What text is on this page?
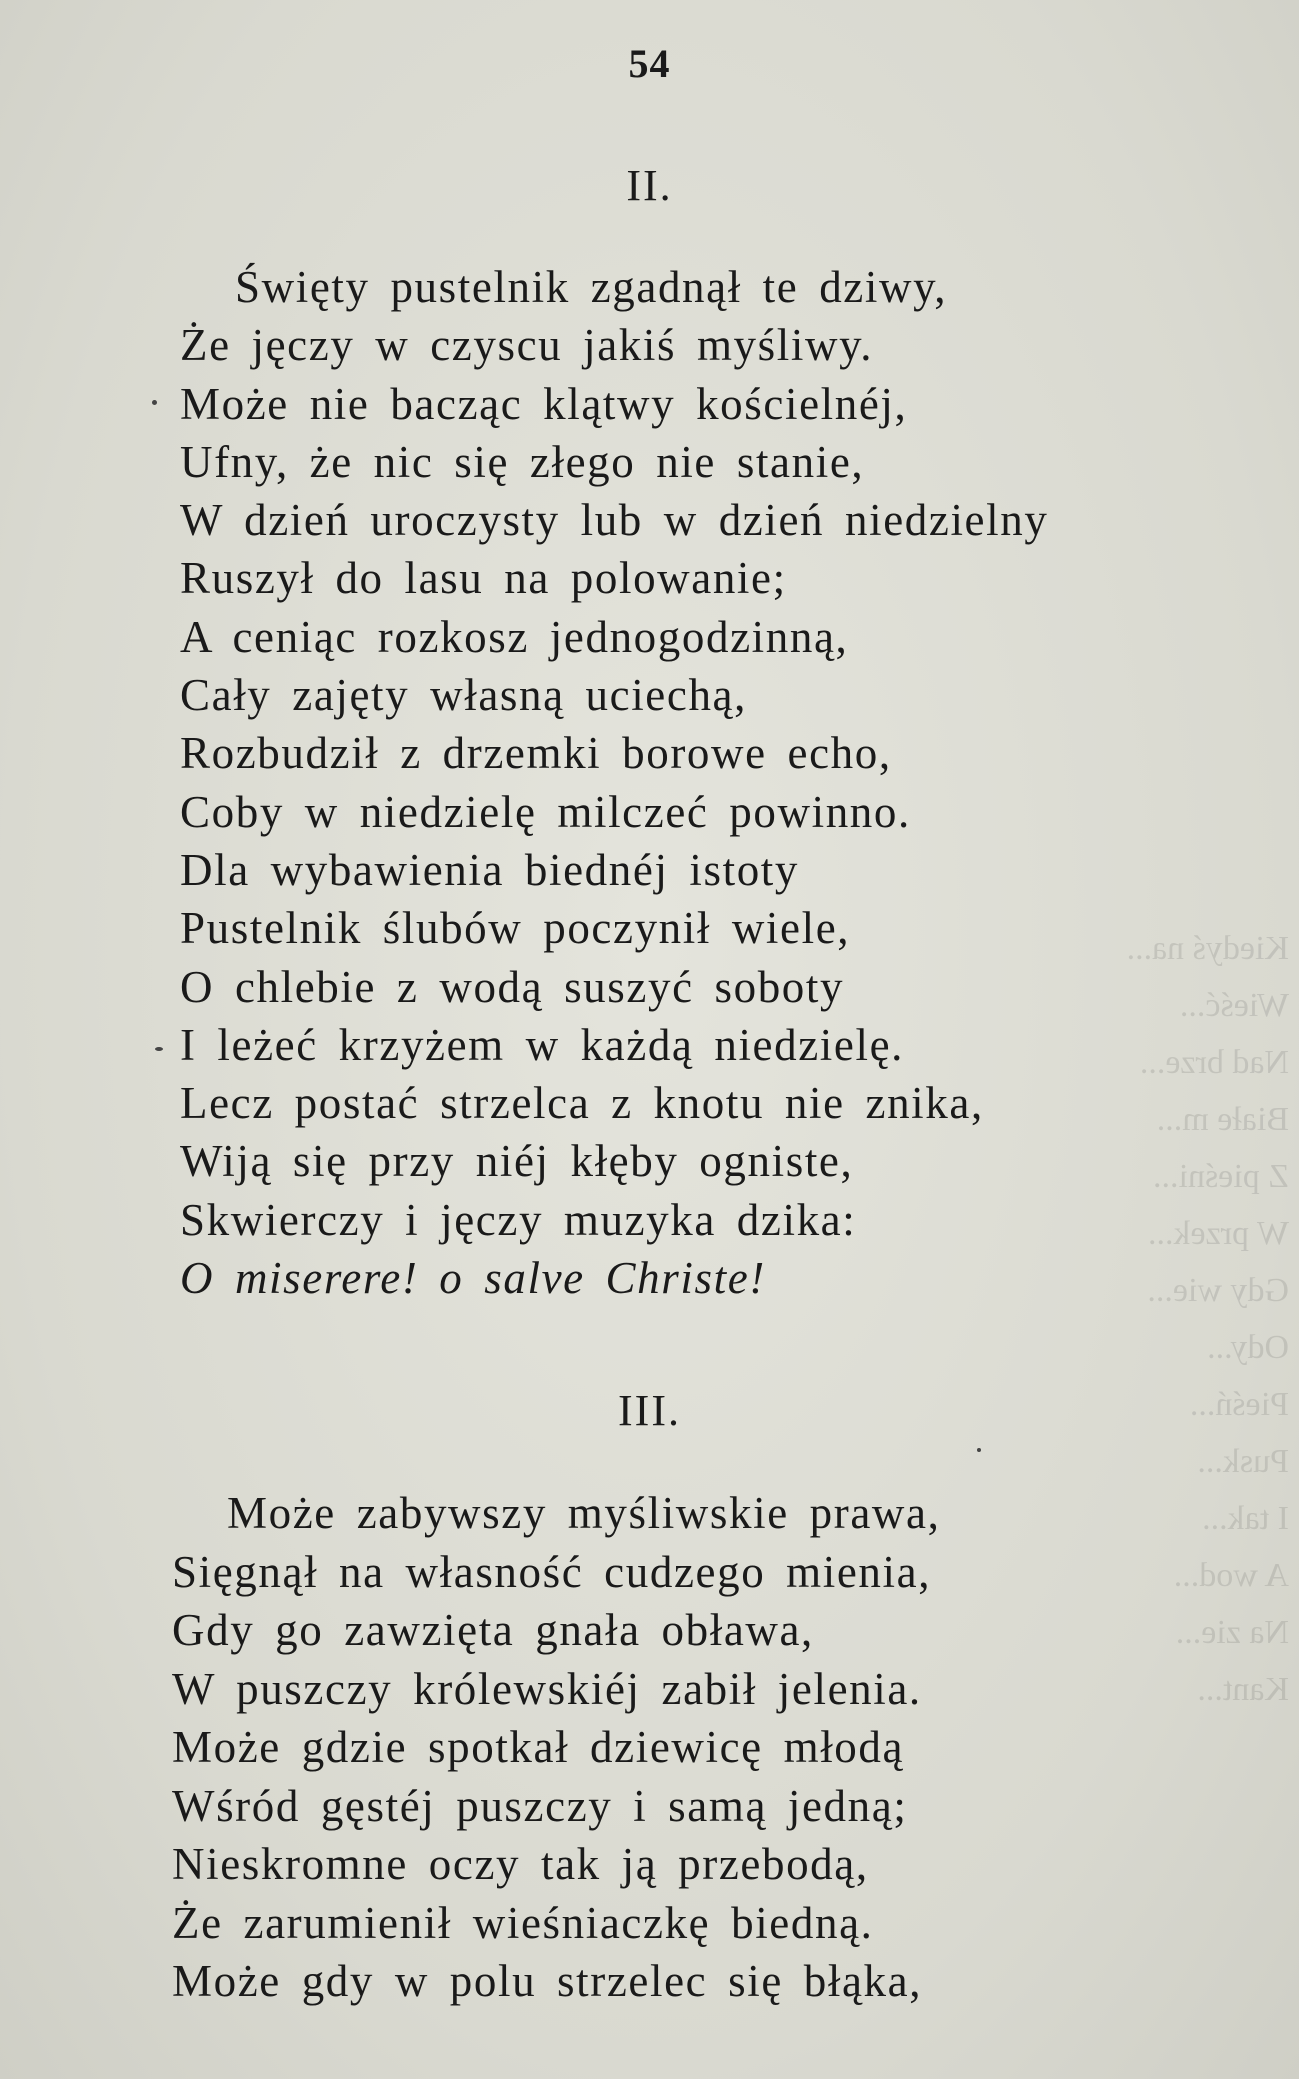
Kiedyś na...
Wieść...
Nad brze...
Białe m...
Z pieśni...
W przek...
Gdy wie...
Ody...
Pieśń...
Pusk...
I tak...
A wod...
Na zie...
Kant...
54
II.
Święty pustelnik zgadnął te dziwy,
Że jęczy w czyscu jakiś myśliwy.
Może nie bacząc klątwy kościelnéj,
Ufny, że nic się złego nie stanie,
W dzień uroczysty lub w dzień niedzielny
Ruszył do lasu na polowanie;
A ceniąc rozkosz jednogodzinną,
Cały zajęty własną uciechą,
Rozbudził z drzemki borowe echo,
Coby w niedzielę milczeć powinno.
Dla wybawienia biednéj istoty
Pustelnik ślubów poczynił wiele,
O chlebie z wodą suszyć soboty
I leżeć krzyżem w każdą niedzielę.
Lecz postać strzelca z knotu nie znika,
Wiją się przy niéj kłęby ogniste,
Skwierczy i jęczy muzyka dzika:
O miserere! o salve Christe!
III.
Może zabywszy myśliwskie prawa,
Sięgnął na własność cudzego mienia,
Gdy go zawzięta gnała obława,
W puszczy królewskiéj zabił jelenia.
Może gdzie spotkał dziewicę młodą
Wśród gęstéj puszczy i samą jedną;
Nieskromne oczy tak ją przebodą,
Że zarumienił wieśniaczkę biedną.
Może gdy w polu strzelec się błąka,
